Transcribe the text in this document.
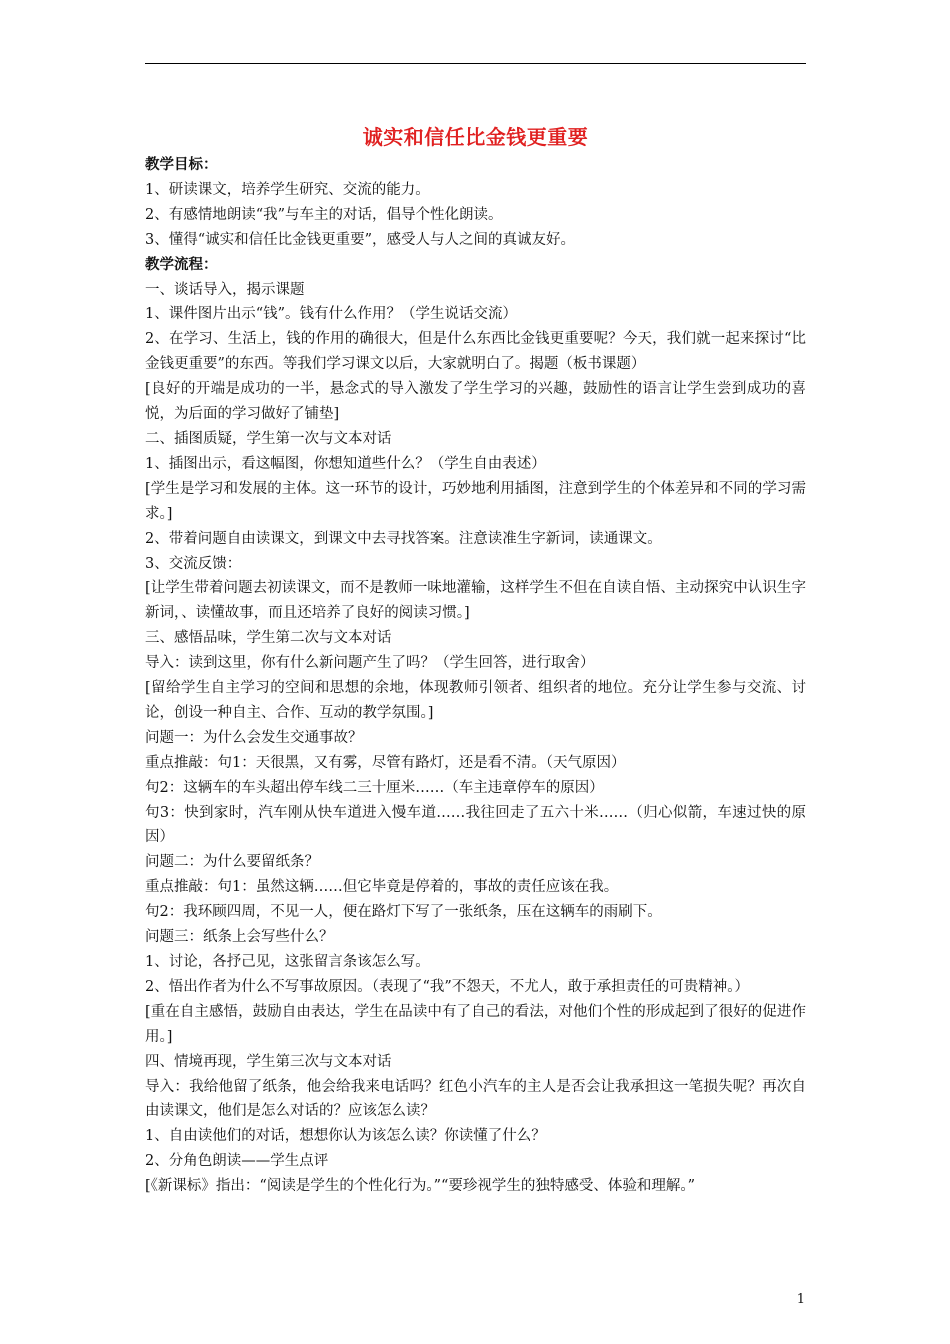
诚实和信任比金钱更重要

教学目标：

1、研读课文，培养学生研究、交流的能力。

2、有感情地朗读“我”与车主的对话，倡导个性化朗读。

3、懂得“诚实和信任比金钱更重要”，感受人与人之间的真诚友好。

教学流程：

一、谈话导入，揭示课题

1、课件图片出示“钱”。钱有什么作用？（学生说话交流）

2、在学习、生活上，钱的作用的确很大，但是什么东西比金钱更重要呢？今天，我们就一起来探讨“比金钱更重要”的东西。等我们学习课文以后，大家就明白了。揭题（板书课题）

[良好的开端是成功的一半，悬念式的导入激发了学生学习的兴趣，鼓励性的语言让学生尝到成功的喜悦，为后面的学习做好了铺垫]

二、插图质疑，学生第一次与文本对话

1、插图出示，看这幅图，你想知道些什么？（学生自由表述）

[学生是学习和发展的主体。这一环节的设计，巧妙地利用插图，注意到学生的个体差异和不同的学习需求。]

2、带着问题自由读课文，到课文中去寻找答案。注意读准生字新词，读通课文。

3、交流反馈：

[让学生带着问题去初读课文，而不是教师一味地灌输，这样学生不但在自读自悟、主动探究中认识生字新词，、读懂故事，而且还培养了良好的阅读习惯。]

三、感悟品味，学生第二次与文本对话

导入：读到这里，你有什么新问题产生了吗？（学生回答，进行取舍）

[留给学生自主学习的空间和思想的余地，体现教师引领者、组织者的地位。充分让学生参与交流、讨论，创设一种自主、合作、互动的教学氛围。]

问题一：为什么会发生交通事故？

重点推敲：句1：天很黑，又有雾，尽管有路灯，还是看不清。（天气原因）

句2：这辆车的车头超出停车线二三十厘米……（车主违章停车的原因）

句3：快到家时，汽车刚从快车道进入慢车道……我往回走了五六十米……（归心似箭，车速过快的原因）

问题二：为什么要留纸条？

重点推敲：句1：虽然这辆……但它毕竟是停着的，事故的责任应该在我。

句2：我环顾四周，不见一人，便在路灯下写了一张纸条，压在这辆车的雨刷下。

问题三：纸条上会写些什么？

1、讨论，各抒己见，这张留言条该怎么写。

2、悟出作者为什么不写事故原因。（表现了“我”不怨天，不尤人，敢于承担责任的可贵精神。）

[重在自主感悟，鼓励自由表达，学生在品读中有了自己的看法，对他们个性的形成起到了很好的促进作用。]

四、情境再现，学生第三次与文本对话

导入：我给他留了纸条，他会给我来电话吗？红色小汽车的主人是否会让我承担这一笔损失呢？再次自由读课文，他们是怎么对话的？应该怎么读？

1、自由读他们的对话，想想你认为该怎么读？你读懂了什么？

2、分角色朗读——学生点评

[《新课标》指出：“阅读是学生的个性化行为。”“要珍视学生的独特感受、体验和理解。”

1
